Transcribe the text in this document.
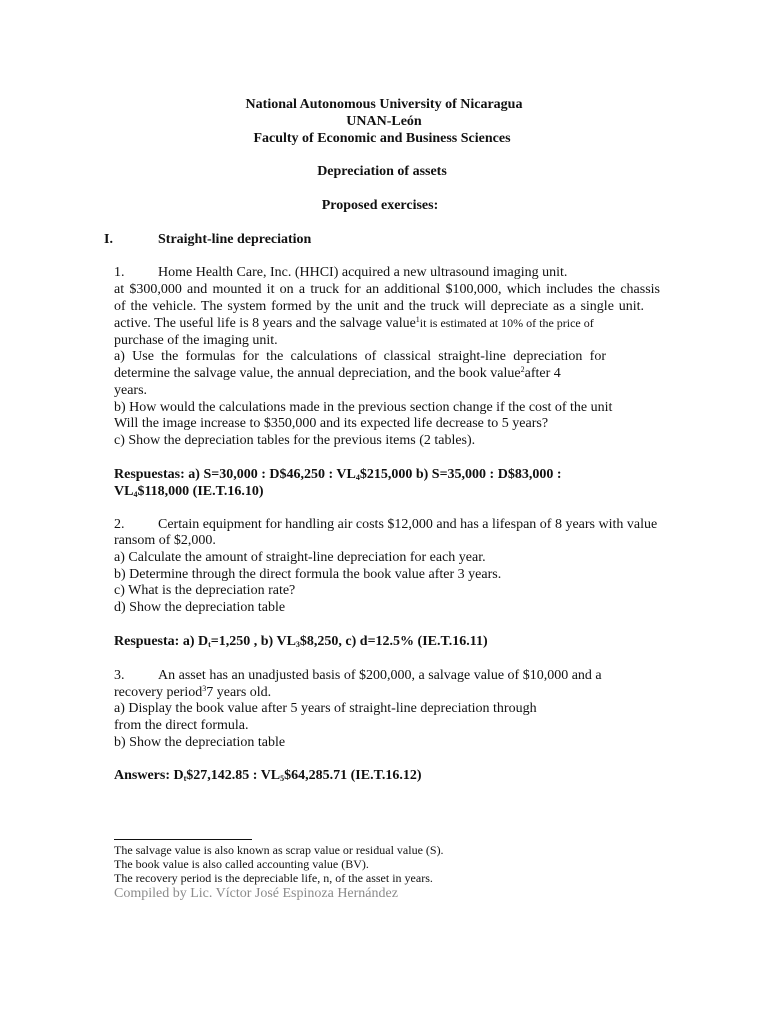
National Autonomous University of Nicaragua
UNAN-León
Faculty of Economic and Business Sciences
Depreciation of assets
Proposed exercises:
I.	Straight-line depreciation
1. Home Health Care, Inc. (HHCI) acquired a new ultrasound imaging unit.
at $300,000 and mounted it on a truck for an additional $100,000, which includes the chassis
of the vehicle. The system formed by the unit and the truck will depreciate as a single unit.
active. The useful life is 8 years and the salvage value$^1$it is estimated at 10% of the price of
purchase of the imaging unit.
a) Use the formulas for the calculations of classical straight-line depreciation for
determine the salvage value, the annual depreciation, and the book value$^2$after 4
years.
b) How would the calculations made in the previous section change if the cost of the unit
Will the image increase to $350,000 and its expected life decrease to 5 years?
c) Show the depreciation tables for the previous items (2 tables).
Respuestas: a) S=30,000 : D$46,250 : $VL_4\$215,000$ b) S=35,000 : D$83,000 :
$VL_4\$118,000$ (IE.T.16.10)
2. Certain equipment for handling air costs $12,000 and has a lifespan of 8 years with value
ransom of $2,000.
a) Calculate the amount of straight-line depreciation for each year.
b) Determine through the direct formula the book value after 3 years.
c) What is the depreciation rate?
d) Show the depreciation table
Respuesta: a) $D_t=1,250$ , b) $VL_3\$8,250$, c) d=12.5% (IE.T.16.11)
3. An asset has an unadjusted basis of $200,000, a salvage value of $10,000 and a
recovery period$^3$7 years old.
a) Display the book value after 5 years of straight-line depreciation through
from the direct formula.
b) Show the depreciation table
Answers: $D_t\$27,142.85$ : $VL_5\$64,285.71$ (IE.T.16.12)
The salvage value is also known as scrap value or residual value (S).
The book value is also called accounting value (BV).
The recovery period is the depreciable life, n, of the asset in years.
Compiled by Lic. Víctor José Espinoza Hernández
